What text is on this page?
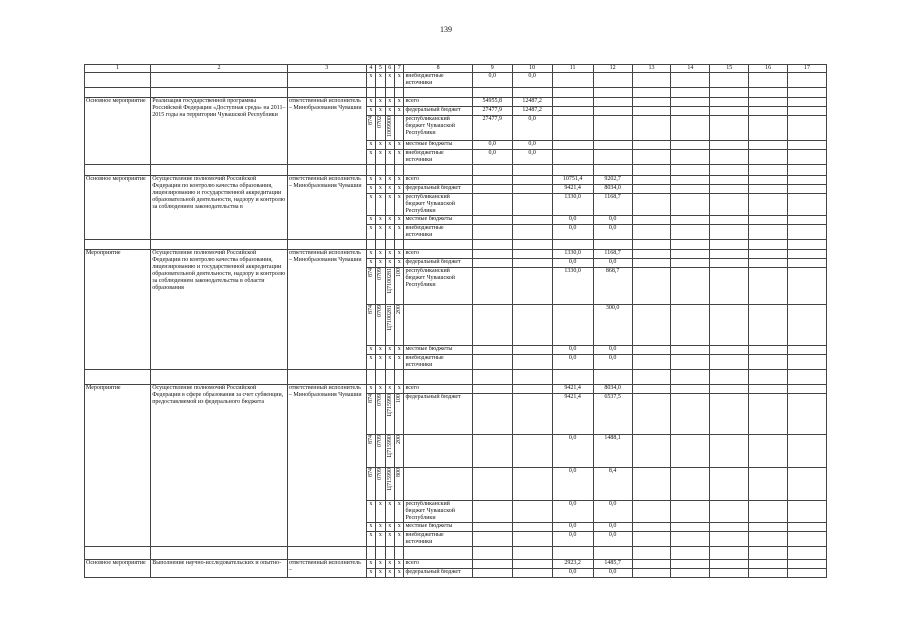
139
1	2	3	4	5	6	7	8	9	10	11	12	13	14	15	16	17
			x	x	x	x	внебюджетные источники	0,0	0,0							

Основное мероприятие	Реализация государственной программы Российской Федерации «Доступная среда» на 2011–2015 годы на территории Чувашской Республики	ответственный исполнитель – Минобразования Чувашии	x	x	x	x	всего	54955,8	12487,2							
			x	x	x	x	федеральный бюджет	27477,9	12487,2							

			874	0702	1009900		республиканский бюджет Чувашской Республики	27477,9	0,0							
			x	x	x	x	местные бюджеты	0,0	0,0							
			x	x	x	x	внебюджетные источники	0,0	0,0							

Основное мероприятие	Осуществление полномочий Российской Федерации по контролю качества образования, лицензированию и государственной аккредитации образовательной деятельности, надзору и контролю за соблюдением законодательства в	ответственный исполнитель – Минобразования Чувашии	x	x	x	x	всего			10751,4	9202,7					
			x	x	x	x	федеральный бюджет			9421,4	8034,0					
			x	x	x	x	республиканский бюджет Чувашской Республики			1330,0	1168,7					
			x	x	x	x	местные бюджеты			0,0	0,0					
			x	x	x	x	внебюджетные источники			0,0	0,0					

Мероприятие	Осуществление полномочий Российской Федерации по контролю качества образования, лицензированию и государственной аккредитации образовательной деятельности, надзору и контролю за соблюдением законодательства в области образования	ответственный исполнитель – Минобразования Чувашии	x	x	x	x	всего			1330,0	1168,7					
			x	x	x	x	федеральный бюджет			0,0	0,0					

			874	0709	Ц7100281	100	республиканский бюджет Чувашской Республики			1330,0	868,7					

			874	0709	Ц7100281	200					300,0					
			x	x	x	x	местные бюджеты			0,0	0,0					
			x	x	x	x	внебюджетные источники			0,0	0,0					

Мероприятие	Осуществление полномочий Российской Федерации в сфере образования за счет субвенции, предоставляемой из федерального бюджета	ответственный исполнитель – Минобразования Чувашии	x	x	x	x	всего			9421,4	8034,0					

			874	0709	Ц715990	100	федеральный бюджет			9421,4	6537,5					

			874	0709	Ц715990	200				0,0	1488,1					

			874	0709	Ц715990	800				0,0	8,4					
			x	x	x	x	республиканский бюджет Чувашской Республики			0,0	0,0					
			x	x	x	x	местные бюджеты			0,0	0,0					
			x	x	x	x	внебюджетные источники			0,0	0,0					

Основное мероприятие	Выполнение научно-исследовательских и опытно-	ответственный исполнитель –	x	x	x	x	всего			2923,2	1485,7					
			x	x	x	x	федеральный бюджет			0,0	0,0					
